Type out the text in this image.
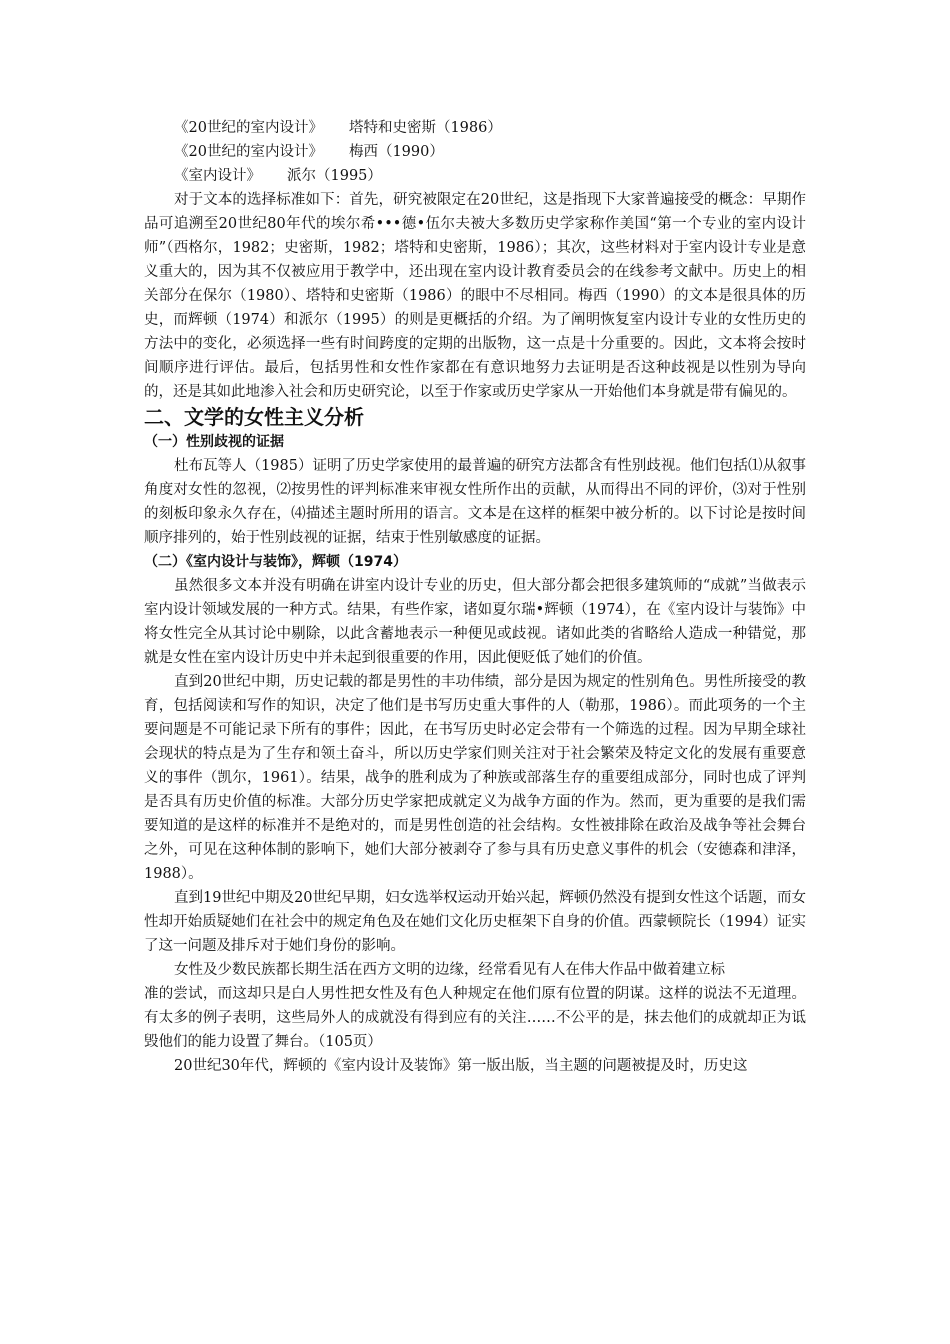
《20世纪的室内设计》 塔特和史密斯（1986）
《20世纪的室内设计》 梅西（1990）
《室内设计》 派尔（1995）

对于文本的选择标准如下：首先，研究被限定在20世纪，这是指现下大家普遍接受的概念：早期作品可追溯至20世纪80年代的埃尔希•••德•伍尔夫被大多数历史学家称作美国“第一个专业的室内设计师”（西格尔，1982；史密斯，1982；塔特和史密斯，1986）；其次，这些材料对于室内设计专业是意义重大的，因为其不仅被应用于教学中，还出现在室内设计教育委员会的在线参考文献中。历史上的相关部分在保尔（1980）、塔特和史密斯（1986）的眼中不尽相同。梅西（1990）的文本是很具体的历史，而辉顿（1974）和派尔（1995）的则是更概括的介绍。为了阐明恢复室内设计专业的女性历史的方法中的变化，必须选择一些有时间跨度的定期的出版物，这一点是十分重要的。因此，文本将会按时间顺序进行评估。最后，包括男性和女性作家都在有意识地努力去证明是否这种歧视是以性别为导向的，还是其如此地渗入社会和历史研究论，以至于作家或历史学家从一开始他们本身就是带有偏见的。

二、文学的女性主义分析
（一）性别歧视的证据

杜布瓦等人（1985）证明了历史学家使用的最普遍的研究方法都含有性别歧视。他们包括⑴从叙事角度对女性的忽视，⑵按男性的评判标准来审视女性所作出的贡献，从而得出不同的评价，⑶对于性别的刻板印象永久存在，⑷描述主题时所用的语言。文本是在这样的框架中被分析的。以下讨论是按时间顺序排列的，始于性别歧视的证据，结束于性别敏感度的证据。

（二）《室内设计与装饰》，辉顿（1974）

虽然很多文本并没有明确在讲室内设计专业的历史，但大部分都会把很多建筑师的“成就”当做表示室内设计领域发展的一种方式。结果，有些作家，诸如夏尔瑞•辉顿（1974），在《室内设计与装饰》中将女性完全从其讨论中剔除，以此含蓄地表示一种便见或歧视。诸如此类的省略给人造成一种错觉，那就是女性在室内设计历史中并未起到很重要的作用，因此便贬低了她们的价值。

直到20世纪中期，历史记载的都是男性的丰功伟绩，部分是因为规定的性别角色。男性所接受的教育，包括阅读和写作的知识，决定了他们是书写历史重大事件的人（勒那，1986）。而此项务的一个主要问题是不可能记录下所有的事件；因此，在书写历史时必定会带有一个筛选的过程。因为早期全球社会现状的特点是为了生存和领土奋斗，所以历史学家们则关注对于社会繁荣及特定文化的发展有重要意义的事件（凯尔，1961）。结果，战争的胜利成为了种族或部落生存的重要组成部分，同时也成了评判是否具有历史价值的标准。大部分历史学家把成就定义为战争方面的作为。然而，更为重要的是我们需要知道的是这样的标准并不是绝对的，而是男性创造的社会结构。女性被排除在政治及战争等社会舞台之外，可见在这种体制的影响下，她们大部分被剥夺了参与具有历史意义事件的机会（安德森和津泽，1988）。

直到19世纪中期及20世纪早期，妇女选举权运动开始兴起，辉顿仍然没有提到女性这个话题，而女性却开始质疑她们在社会中的规定角色及在她们文化历史框架下自身的价值。西蒙顿院长（1994）证实了这一问题及排斥对于她们身份的影响。

女性及少数民族都长期生活在西方文明的边缘，经常看见有人在伟大作品中做着建立标

准的尝试，而这却只是白人男性把女性及有色人种规定在他们原有位置的阴谋。这样的说法不无道理。有太多的例子表明，这些局外人的成就没有得到应有的关注……不公平的是，抹去他们的成就却正为诋毁他们的能力设置了舞台。（105页）

20世纪30年代，辉顿的《室内设计及装饰》第一版出版，当主题的问题被提及时，历史这
